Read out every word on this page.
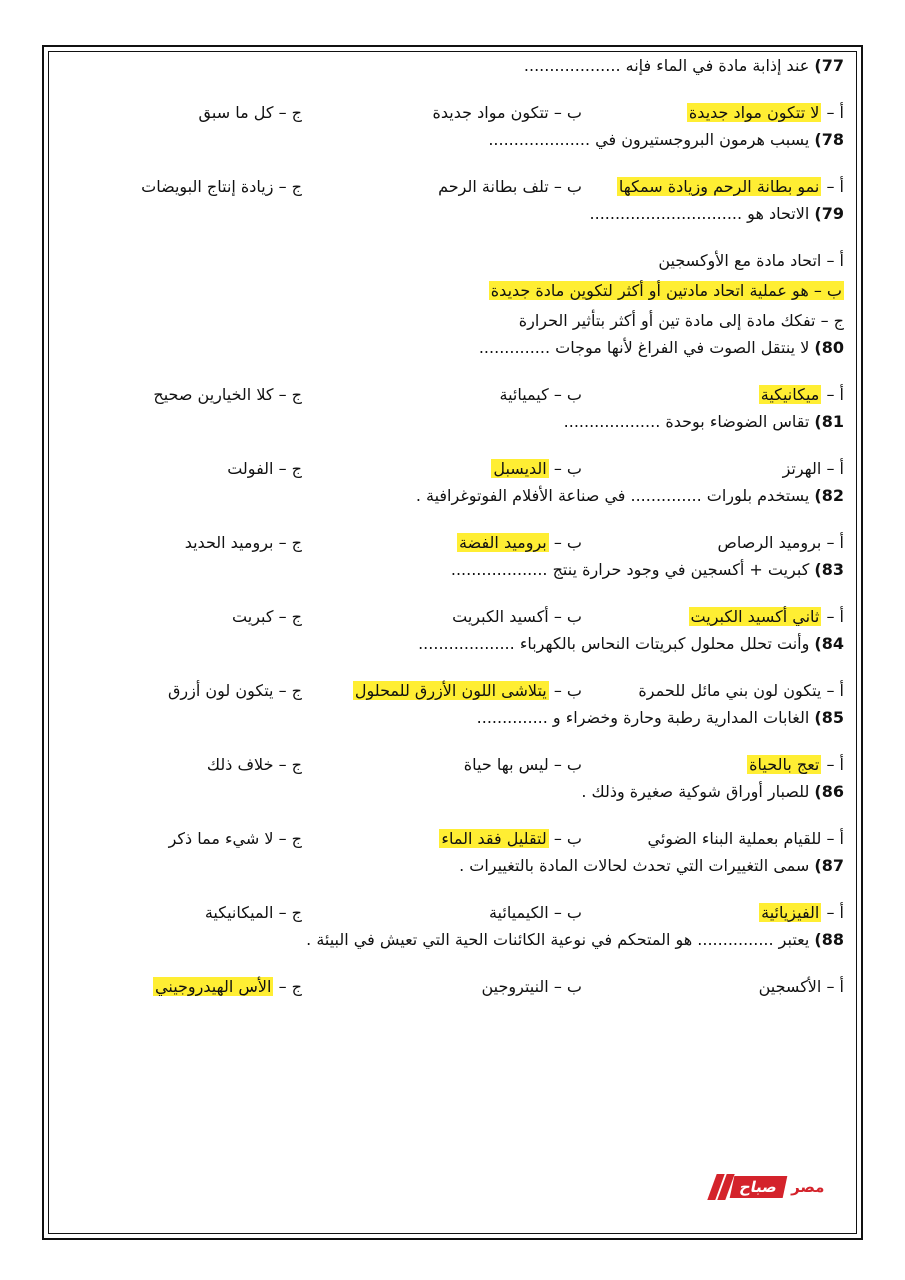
77) عند إذابة مادة في الماء فإنه ...................
أ – لا تتكون مواد جديدة
ب – تتكون مواد جديدة
ج – كل ما سبق
78) يسبب هرمون البروجستيرون في ....................
أ – نمو بطانة الرحم وزيادة سمكها
ب – تلف بطانة الرحم
ج – زيادة إنتاج البويضات
79) الاتحاد هو ..............................
أ – اتحاد مادة مع الأوكسجين
ب – هو عملية اتحاد مادتين أو أكثر لتكوين مادة جديدة
ج – تفكك مادة إلى مادة تين أو أكثر بتأثير الحرارة
80) لا ينتقل الصوت في الفراغ لأنها موجات ..............
أ – ميكانيكية
ب – كيميائية
ج – كلا الخيارين صحيح
81) تقاس الضوضاء بوحدة ...................
أ – الهرتز
ب – الديسبل
ج – الفولت
82) يستخدم بلورات .............. في صناعة الأفلام الفوتوغرافية .
أ – بروميد الرصاص
ب – بروميد الفضة
ج – بروميد الحديد
83) كبريت + أكسجين في وجود حرارة ينتج ...................
أ – ثاني أكسيد الكبريت
ب – أكسيد الكبريت
ج – كبريت
84) وأنت تحلل محلول كبريتات النحاس بالكهرباء ...................
أ – يتكون لون بني مائل للحمرة
ب – يتلاشى اللون الأزرق للمحلول
ج – يتكون لون أزرق
85) الغابات المدارية رطبة وحارة وخضراء و ..............
أ – تعج بالحياة
ب – ليس بها حياة
ج – خلاف ذلك
86) للصبار أوراق شوكية صغيرة وذلك .
أ – للقيام بعملية البناء الضوئي
ب – لتقليل فقد الماء
ج – لا شيء مما ذكر
87) سمى التغييرات التي تحدث لحالات المادة بالتغييرات .
أ – الفيزيائية
ب – الكيميائية
ج – الميكانيكية
88) يعتبر ............... هو المتحكم في نوعية الكائنات الحية التي تعيش في البيئة .
أ – الأكسجين
ب – النيتروجين
ج – الأس الهيدروجيني
صباح مصر
